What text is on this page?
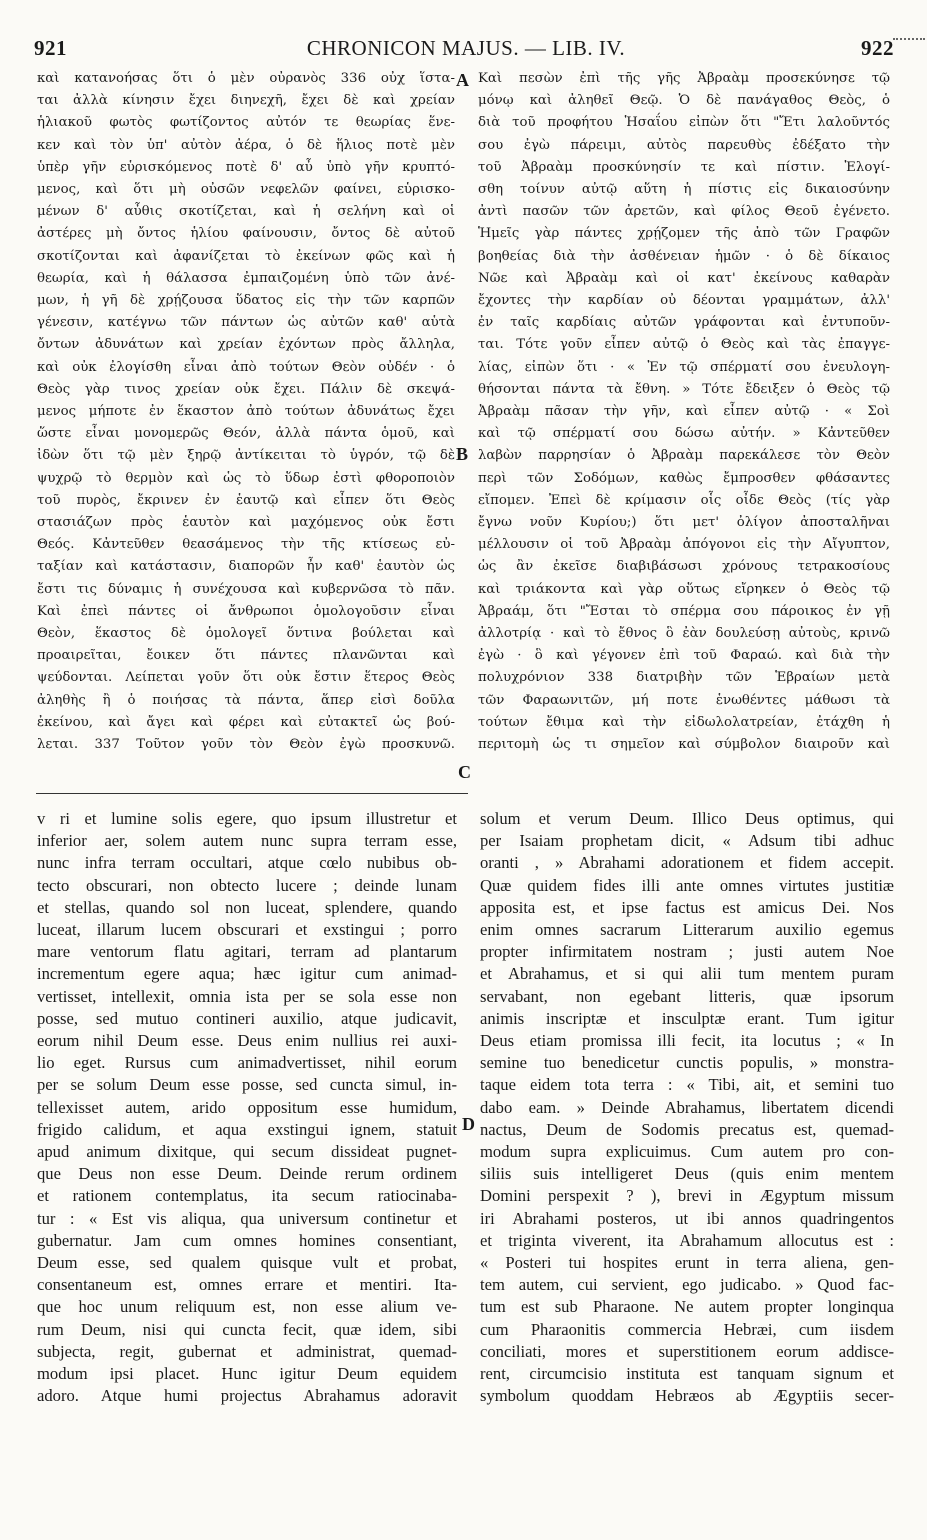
921	CHRONICON MAJUS. — LIB. IV.	922
καὶ κατανοήσας ὅτι ὁ μὲν οὐρανὸς 336 οὐχ ἵστα-
ται ἀλλὰ κίνησιν ἔχει διηνεχῆ, ἔχει δὲ καὶ χρείαν
ἡλιακοῦ φωτὸς φωτίζοντος αὐτόν τε θεωρίας ἕνε-
κεν καὶ τὸν ὑπ' αὐτὸν ἀέρα, ὁ δὲ ἥλιος ποτὲ μὲν
ὑπὲρ γῆν εὑρισκόμενος ποτὲ δ' αὖ ὑπὸ γῆν κρυπτό-
μενος, καὶ ὅτι μὴ οὐσῶν νεφελῶν φαίνει, εὑρισκο-
μένων δ' αὖθις σκοτίζεται, καὶ ἡ σελήνη καὶ οἱ
ἀστέρες μὴ ὄντος ἡλίου φαίνουσιν, ὄντος δὲ αὐτοῦ
σκοτίζονται καὶ ἀφανίζεται τὸ ἐκείνων φῶς καὶ ἡ
θεωρία, καὶ ἡ θάλασσα ἐμπαιζομένη ὑπὸ τῶν ἀνέ-
μων, ἡ γῆ δὲ χρῄζουσα ὕδατος εἰς τὴν τῶν καρπῶν
γένεσιν, κατέγνω τῶν πάντων ὡς αὐτῶν καθ' αὑτὰ
ὄντων ἀδυνάτων καὶ χρείαν ἐχόντων πρὸς ἄλληλα,
καὶ οὐκ ἐλογίσθη εἶναι ἀπὸ τούτων Θεὸν οὐδέν · ὁ
Θεὸς γὰρ τινος χρείαν οὐκ ἔχει. Πάλιν δὲ σκεψά-
μενος μήποτε ἐν ἕκαστον ἀπὸ τούτων ἀδυνάτως ἔχει
ὥστε εἶναι μονομερῶς Θεόν, ἀλλὰ πάντα ὁμοῦ, καὶ
ἰδὼν ὅτι τῷ μὲν ξηρῷ ἀντίκειται τὸ ὑγρόν, τῷ δὲ
ψυχρῷ τὸ θερμὸν καὶ ὡς τὸ ὕδωρ ἐστὶ φθοροποιὸν
τοῦ πυρὸς, ἔκρινεν ἐν ἑαυτῷ καὶ εἶπεν ὅτι Θεὸς
στασιάζων πρὸς ἑαυτὸν καὶ μαχόμενος οὐκ ἔστι
Θεός. Κἀντεῦθεν θεασάμενος τὴν τῆς κτίσεως εὐ-
ταξίαν καὶ κατάστασιν, διαπορῶν ἦν καθ' ἑαυτὸν ὡς
ἔστι τις δύναμις ἡ συνέχουσα καὶ κυβερνῶσα τὸ πᾶν.
Καὶ ἐπεὶ πάντες οἱ ἄνθρωποι ὁμολογοῦσιν εἶναι
Θεὸν, ἕκαστος δὲ ὁμολογεῖ ὅντινα βούλεται καὶ
προαιρεῖται, ἔοικεν ὅτι πάντες πλανῶνται καὶ
ψεύδονται. Λείπεται γοῦν ὅτι οὐκ ἔστιν ἕτερος Θεὸς
ἀληθὴς ἢ ὁ ποιήσας τὰ πάντα, ἅπερ εἰσὶ δοῦλα
ἐκείνου, καὶ ἄγει καὶ φέρει καὶ εὐτακτεῖ ὡς βού-
λεται. 337 Τοῦτον γοῦν τὸν Θεὸν ἐγὼ προσκυνῶ.
Καὶ πεσὼν ἐπὶ τῆς γῆς Ἀβραὰμ προσεκύνησε τῷ
μόνῳ καὶ ἀληθεῖ Θεῷ. Ὁ δὲ πανάγαθος Θεὸς, ὁ
διὰ τοῦ προφήτου Ἡσαΐου εἰπὼν ὅτι "Ἔτι λαλοῦντός
σου ἐγὼ πάρειμι, αὐτὸς παρευθὺς ἐδέξατο τὴν
τοῦ Ἀβραὰμ προσκύνησίν τε καὶ πίστιν. Ἐλογί-
σθη τοίνυν αὐτῷ αὕτη ἡ πίστις εἰς δικαιοσύνην
ἀντὶ πασῶν τῶν ἀρετῶν, καὶ φίλος Θεοῦ ἐγένετο.
Ἡμεῖς γὰρ πάντες χρῄζομεν τῆς ἀπὸ τῶν Γραφῶν
βοηθείας διὰ τὴν ἀσθένειαν ἡμῶν · ὁ δὲ δίκαιος
Νῶε καὶ Ἀβραὰμ καὶ οἱ κατ' ἐκείνους καθαρὰν
ἔχοντες τὴν καρδίαν οὐ δέονται γραμμάτων, ἀλλ'
ἐν ταῖς καρδίαις αὐτῶν γράφονται καὶ ἐντυποῦν-
ται. Τότε γοῦν εἶπεν αὐτῷ ὁ Θεὸς καὶ τὰς ἐπαγγε-
λίας, εἰπὼν ὅτι · « Ἐν τῷ σπέρματί σου ἐνευλογη-
θήσονται πάντα τὰ ἔθνη. » Τότε ἔδειξεν ὁ Θεὸς τῷ
Ἀβραὰμ πᾶσαν τὴν γῆν, καὶ εἶπεν αὐτῷ · « Σοὶ
καὶ τῷ σπέρματί σου δώσω αὐτήν. » Κἀντεῦθεν
λαβὼν παρρησίαν ὁ Ἀβραὰμ παρεκάλεσε τὸν Θεὸν
περὶ τῶν Σοδόμων, καθὼς ἔμπροσθεν φθάσαντες
εἴπομεν. Ἐπεὶ δὲ κρίμασιν οἷς οἶδε Θεὸς (τίς γὰρ
ἔγνω νοῦν Κυρίου;) ὅτι μετ' ὀλίγον ἀποσταλῆναι
μέλλουσιν οἱ τοῦ Ἀβραὰμ ἀπόγονοι εἰς τὴν Αἴγυπτον,
ὡς ἂν ἐκεῖσε διαβιβάσωσι χρόνους τετρακοσίους
καὶ τριάκοντα καὶ γὰρ οὕτως εἴρηκεν ὁ Θεὸς τῷ
Ἀβραάμ, ὅτι "Ἔσται τὸ σπέρμα σου πάροικος ἐν γῇ
ἀλλοτρίᾳ · καὶ τὸ ἔθνος ὃ ἐὰν δουλεύσῃ αὐτοὺς, κρινῶ
ἐγὼ · ὃ καὶ γέγονεν ἐπὶ τοῦ Φαραώ. καὶ διὰ τὴν
πολυχρόνιον 338 διατριβὴν τῶν Ἑβραίων μετὰ
τῶν Φαραωνιτῶν, μή ποτε ἑνωθέντες μάθωσι τὰ
τούτων ἔθιμα καὶ τὴν εἰδωλολατρείαν, ἐτάχθη ἡ
περιτομὴ ὡς τι σημεῖον καὶ σύμβολον διαιροῦν καὶ
A
B
C
D
v ri et lumine solis egere, quo ipsum illustretur et
inferior aer, solem autem nunc supra terram esse,
nunc infra terram occultari, atque cœlo nubibus ob-
tecto obscurari, non obtecto lucere ; deinde lunam
et stellas, quando sol non luceat, splendere, quando
luceat, illarum lucem obscurari et exstingui ; porro
mare ventorum flatu agitari, terram ad plantarum
incrementum egere aqua; hæc igitur cum animad-
vertisset, intellexit, omnia ista per se sola esse non
posse, sed mutuo contineri auxilio, atque judicavit,
eorum nihil Deum esse. Deus enim nullius rei auxi-
lio eget. Rursus cum animadvertisset, nihil eorum
per se solum Deum esse posse, sed cuncta simul, in-
tellexisset autem, arido oppositum esse humidum,
frigido calidum, et aqua exstingui ignem, statuit
apud animum dixitque, qui secum dissideat pugnet-
que Deus non esse Deum. Deinde rerum ordinem
et rationem contemplatus, ita secum ratiocinaba-
tur : « Est vis aliqua, qua universum continetur et
gubernatur. Jam cum omnes homines consentiant,
Deum esse, sed qualem quisque vult et probat,
consentaneum est, omnes errare et mentiri. Ita-
que hoc unum reliquum est, non esse alium ve-
rum Deum, nisi qui cuncta fecit, quæ idem, sibi
subjecta, regit, gubernat et administrat, quemad-
modum ipsi placet. Hunc igitur Deum equidem
adoro. Atque humi projectus Abrahamus adoravit
solum et verum Deum. Illico Deus optimus, qui
per Isaiam prophetam dicit, « Adsum tibi adhuc
oranti , » Abrahami adorationem et fidem accepit.
Quæ quidem fides illi ante omnes virtutes justitiæ
apposita est, et ipse factus est amicus Dei. Nos
enim omnes sacrarum Litterarum auxilio egemus
propter infirmitatem nostram ; justi autem Noe
et Abrahamus, et si qui alii tum mentem puram
servabant, non egebant litteris, quæ ipsorum
animis inscriptæ et insculptæ erant. Tum igitur
Deus etiam promissa illi fecit, ita locutus ; « In
semine tuo benedicetur cunctis populis, » monstra-
taque eidem tota terra : « Tibi, ait, et semini tuo
dabo eam. » Deinde Abrahamus, libertatem dicendi
nactus, Deum de Sodomis precatus est, quemad-
modum supra explicuimus. Cum autem pro con-
siliis suis intelligeret Deus (quis enim mentem
Domini perspexit ? ), brevi in Ægyptum missum
iri Abrahami posteros, ut ibi annos quadringentos
et triginta viverent, ita Abrahamum allocutus est :
« Posteri tui hospites erunt in terra aliena, gen-
tem autem, cui servient, ego judicabo. » Quod fac-
tum est sub Pharaone. Ne autem propter longinqua
cum Pharaonitis commercia Hebræi, cum iisdem
conciliati, mores et superstitionem eorum addisce-
rent, circumcisio instituta est tanquam signum et
symbolum quoddam Hebræos ab Ægyptiis secer-
